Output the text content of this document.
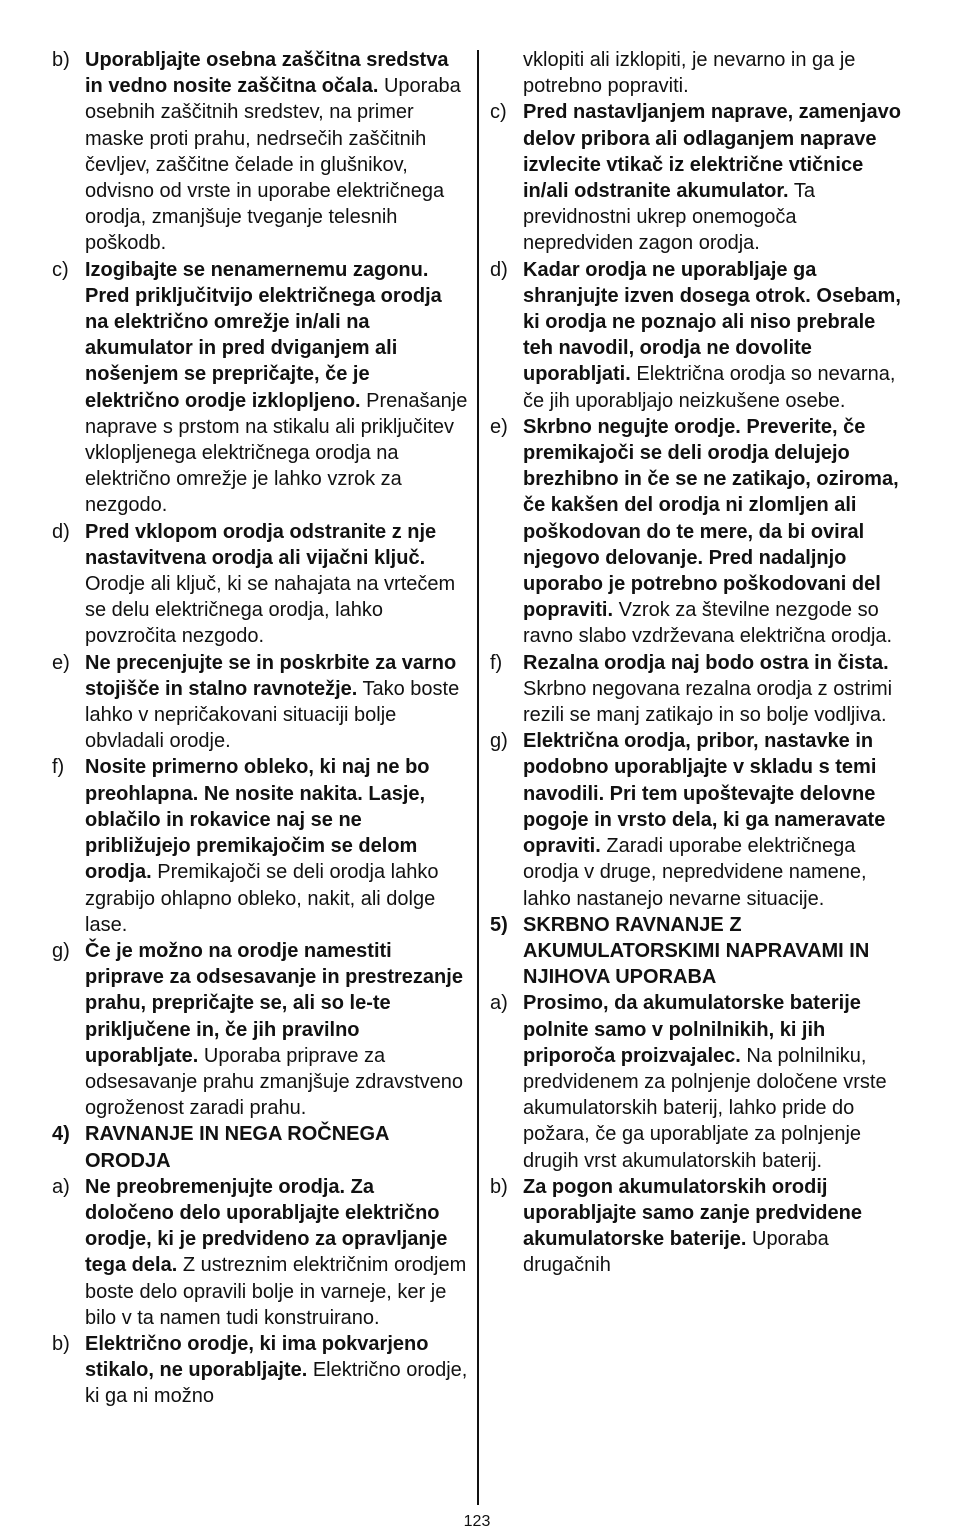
b) Uporabljajte osebna zaščitna sredstva in vedno nosite zaščitna očala. Uporaba osebnih zaščitnih sredstev, na primer maske proti prahu, nedrsečih zaščitnih čevljev, zaščitne čelade in glušnikov, odvisno od vrste in uporabe električnega orodja, zmanjšuje tveganje telesnih poškodb.
c) Izogibajte se nenamernemu zagonu. Pred priključitvijo električnega orodja na električno omrežje in/ali na akumulator in pred dviganjem ali nošenjem se prepričajte, če je električno orodje izklopljeno. Prenašanje naprave s prstom na stikalu ali priključitev vklopljenega električnega orodja na električno omrežje je lahko vzrok za nezgodo.
d) Pred vklopom orodja odstranite z nje nastavitvena orodja ali vijačni ključ. Orodje ali ključ, ki se nahajata na vrtečem se delu električnega orodja, lahko povzročita nezgodo.
e) Ne precenjujte se in poskrbite za varno stojišče in stalno ravnotežje. Tako boste lahko v nepričakovani situaciji bolje obvladali orodje.
f)	Nosite primerno obleko, ki naj ne bo preohlapna. Ne nosite nakita. Lasje, oblačilo in rokavice naj se ne približujejo premikajočim se delom orodja. Premikajoči se deli orodja lahko zgrabijo ohlapno obleko, nakit, ali dolge lase.
g) Če je možno na orodje namestiti priprave za odsesavanje in prestrezanje prahu, prepričajte se, ali so le-te priključene in, če jih pravilno uporabljate. Uporaba priprave za odsesavanje prahu zmanjšuje zdravstveno ogroženost zaradi prahu.
4) RAVNANJE IN NEGA ROČNEGA ORODJA
a) Ne preobremenjujte orodja. Za določeno delo uporabljajte električno orodje, ki je predvideno za opravljanje tega dela. Z ustreznim električnim orodjem boste delo opravili bolje in varneje, ker je bilo v ta namen tudi konstruirano.
b) Električno orodje, ki ima pokvarjeno stikalo, ne uporabljajte. Električno orodje, ki ga ni možno
vklopiti ali izklopiti, je nevarno in ga je potrebno popraviti.
c) Pred nastavljanjem naprave, zamenjavo delov pribora ali odlaganjem naprave izvlecite vtikač iz električne vtičnice in/ali odstranite akumulator. Ta previdnostni ukrep onemogoča nepredviden zagon orodja.
d) Kadar orodja ne uporabljaje ga shranjujte izven dosega otrok. Osebam, ki orodja ne poznajo ali niso prebrale teh navodil, orodja ne dovolite uporabljati. Električna orodja so nevarna, če jih uporabljajo neizkušene osebe.
e) Skrbno negujte orodje. Preverite, če premikajoči se deli orodja delujejo brezhibno in če se ne zatikajo, oziroma, če kakšen del orodja ni zlomljen ali poškodovan do te mere, da bi oviral njegovo delovanje. Pred nadaljnjo uporabo je potrebno poškodovani del popraviti. Vzrok za številne nezgode so ravno slabo vzdrževana električna orodja.
f)	Rezalna orodja naj bodo ostra in čista. Skrbno negovana rezalna orodja z ostrimi rezili se manj zatikajo in so bolje vodljiva.
g) Električna orodja, pribor, nastavke in podobno uporabljajte v skladu s temi navodili. Pri tem upoštevajte delovne pogoje in vrsto dela, ki ga nameravate opraviti. Zaradi uporabe električnega orodja v druge, nepredvidene namene, lahko nastanejo nevarne situacije.
5) SKRBNO RAVNANJE Z AKUMULATORSKIMI NAPRAVAMI IN NJIHOVA UPORABA
a) Prosimo, da akumulatorske baterije polnite samo v polnilnikih, ki jih priporoča proizvajalec. Na polnilniku, predvidenem za polnjenje določene vrste akumulatorskih baterij, lahko pride do požara, če ga uporabljate za polnjenje drugih vrst akumulatorskih baterij.
b) Za pogon akumulatorskih orodij uporabljajte samo zanje predvidene akumulatorske baterije. Uporaba drugačnih
123
